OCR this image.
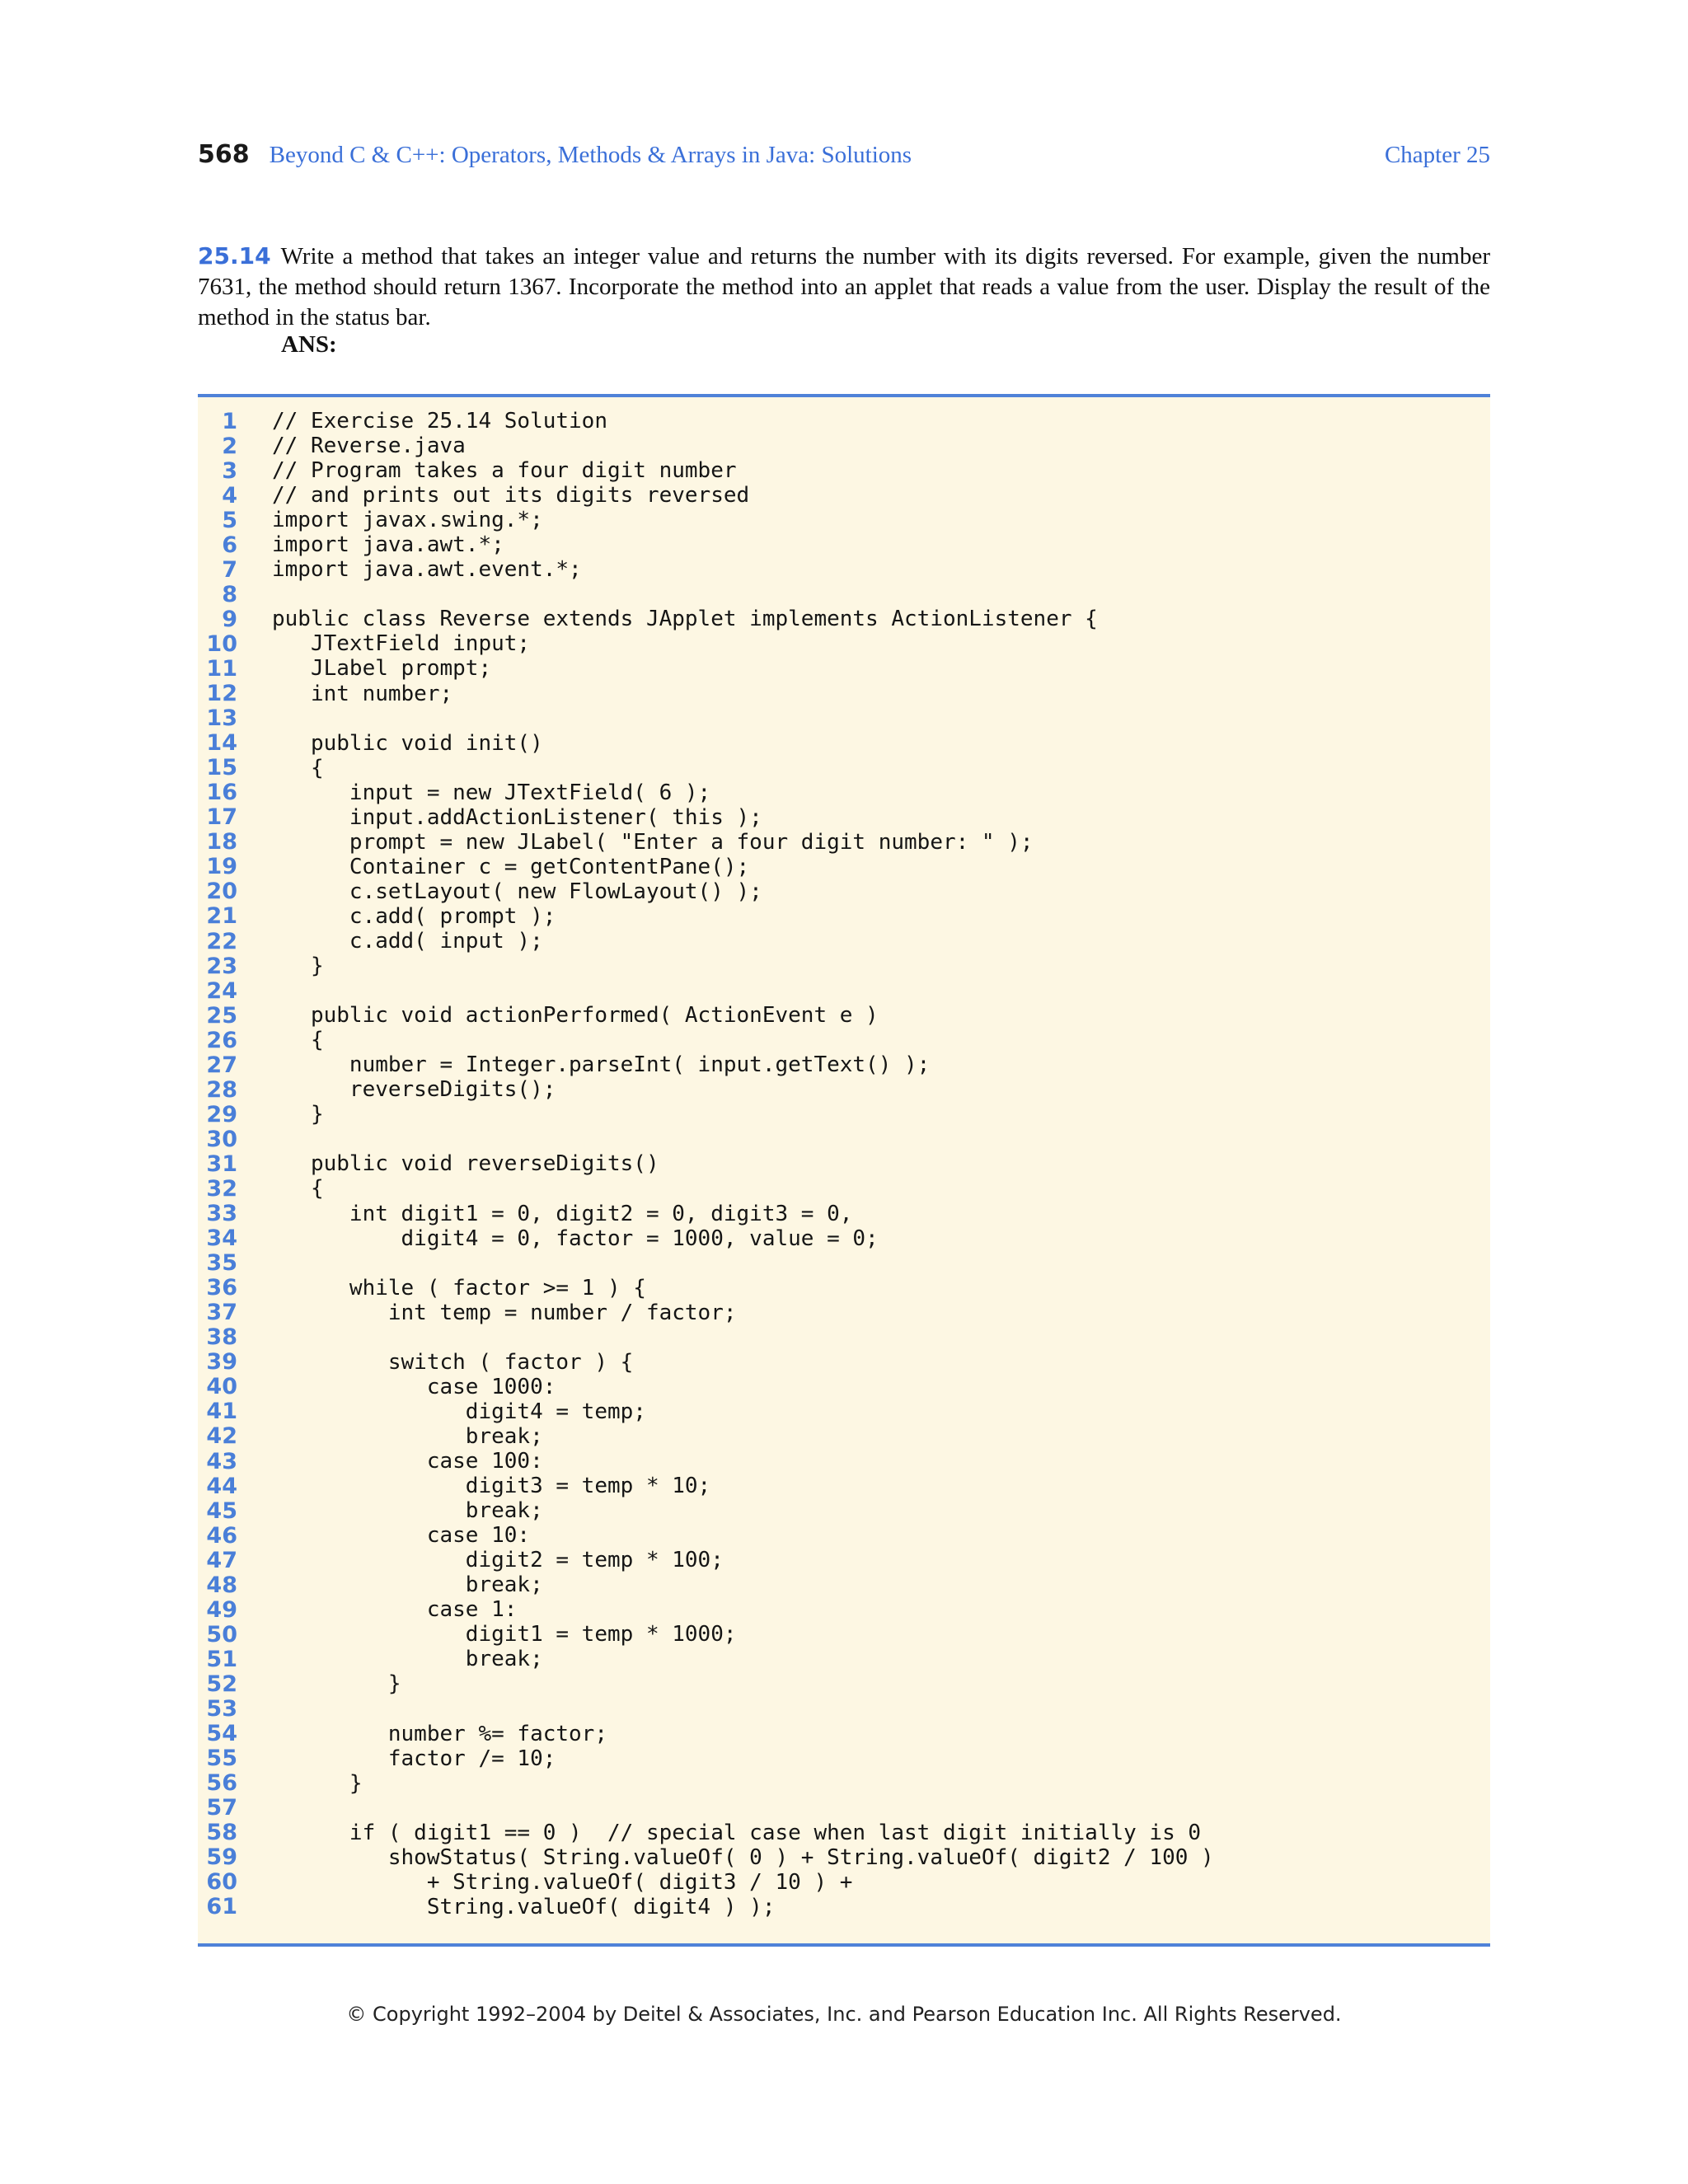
568 Beyond C & C++: Operators, Methods & Arrays in Java: Solutions	Chapter 25
25.14 Write a method that takes an integer value and returns the number with its digits reversed. For example, given the number 7631, the method should return 1367. Incorporate the method into an applet that reads a value from the user. Display the result of the method in the status bar.
ANS:
1 // Exercise 25.14 Solution
2 // Reverse.java
3 // Program takes a four digit number
4 // and prints out its digits reversed
5 import javax.swing.*;
6 import java.awt.*;
7 import java.awt.event.*;
8
9 public class Reverse extends JApplet implements ActionListener {
10 JTextField input;
11 JLabel prompt;
12 int number;
13
14 public void init()
15 {
16 input = new JTextField( 6 );
17 input.addActionListener( this );
18 prompt = new JLabel( "Enter a four digit number: " );
19 Container c = getContentPane();
20 c.setLayout( new FlowLayout() );
21 c.add( prompt );
22 c.add( input );
23 }
24
25 public void actionPerformed( ActionEvent e )
26 {
27 number = Integer.parseInt( input.getText() );
28 reverseDigits();
29 }
30
31 public void reverseDigits()
32 {
33 int digit1 = 0, digit2 = 0, digit3 = 0,
34 digit4 = 0, factor = 1000, value = 0;
35
36 while ( factor >= 1 ) {
37 int temp = number / factor;
38
39 switch ( factor ) {
40 case 1000:
41 digit4 = temp;
42 break;
43 case 100:
44 digit3 = temp * 10;
45 break;
46 case 10:
47 digit2 = temp * 100;
48 break;
49 case 1:
50 digit1 = temp * 1000;
51 break;
52 }
53
54 number %= factor;
55 factor /= 10;
56 }
57
58 if ( digit1 == 0 )  // special case when last digit initially is 0
59 showStatus( String.valueOf( 0 ) + String.valueOf( digit2 / 100 )
60 + String.valueOf( digit3 / 10 ) +
61 String.valueOf( digit4 ) );
© Copyright 1992–2004 by Deitel & Associates, Inc. and Pearson Education Inc. All Rights Reserved.
